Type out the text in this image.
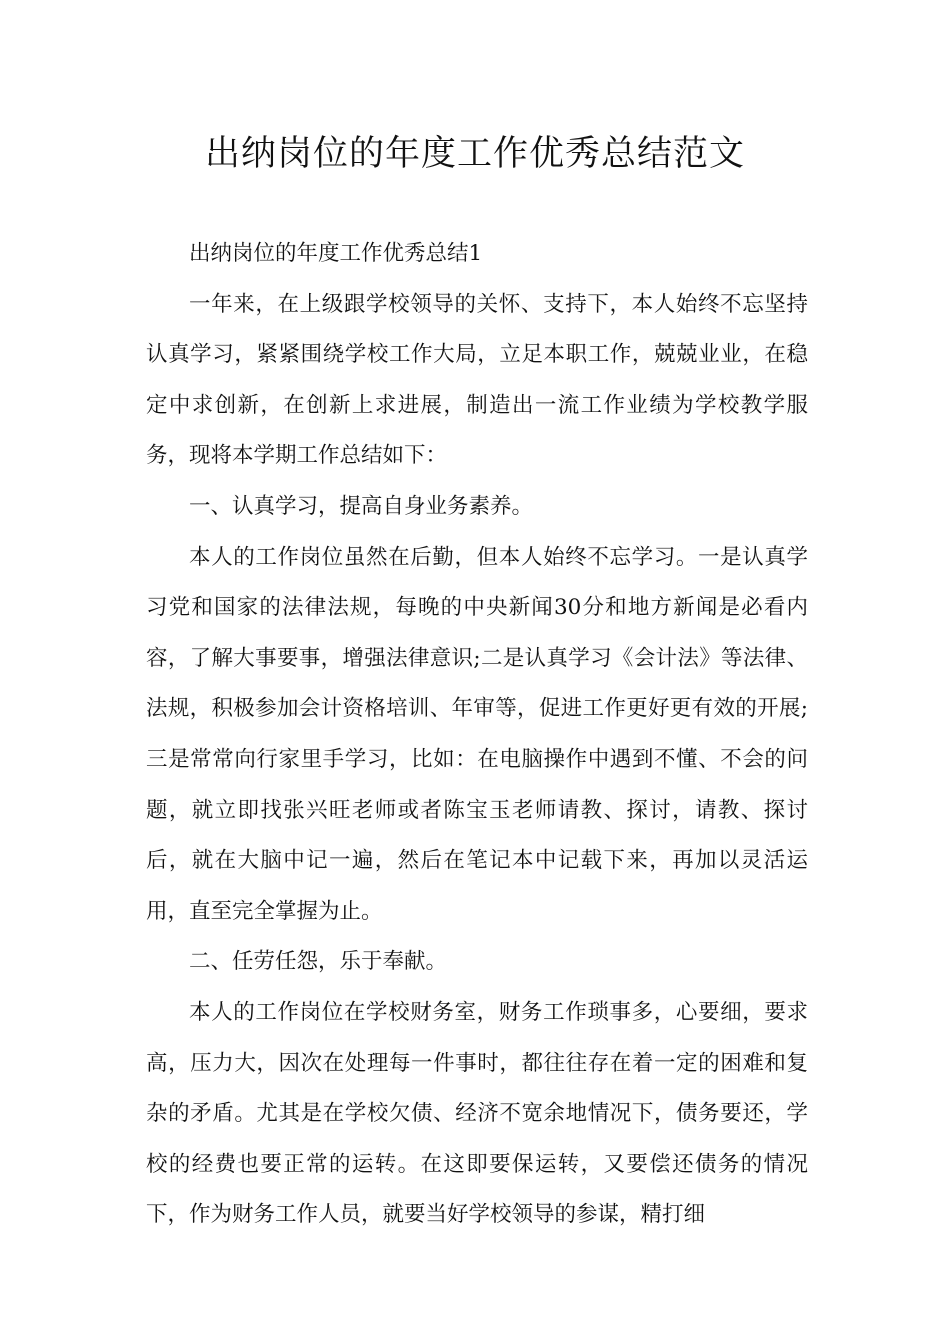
出纳岗位的年度工作优秀总结范文

出纳岗位的年度工作优秀总结1

一年来，在上级跟学校领导的关怀、支持下，本人始终不忘坚持认真学习，紧紧围绕学校工作大局，立足本职工作，兢兢业业，在稳定中求创新，在创新上求进展，制造出一流工作业绩为学校教学服务，现将本学期工作总结如下：

一、认真学习，提高自身业务素养。

本人的工作岗位虽然在后勤，但本人始终不忘学习。一是认真学习党和国家的法律法规，每晚的中央新闻30分和地方新闻是必看内容，了解大事要事，增强法律意识;二是认真学习《会计法》等法律、法规，积极参加会计资格培训、年审等，促进工作更好更有效的开展;三是常常向行家里手学习，比如：在电脑操作中遇到不懂、不会的问题，就立即找张兴旺老师或者陈宝玉老师请教、探讨，请教、探讨后，就在大脑中记一遍，然后在笔记本中记载下来，再加以灵活运用，直至完全掌握为止。

二、任劳任怨，乐于奉献。

本人的工作岗位在学校财务室，财务工作琐事多，心要细，要求高，压力大，因次在处理每一件事时，都往往存在着一定的困难和复杂的矛盾。尤其是在学校欠债、经济不宽余地情况下，债务要还，学校的经费也要正常的运转。在这即要保运转，又要偿还债务的情况下，作为财务工作人员，就要当好学校领导的参谋，精打细
